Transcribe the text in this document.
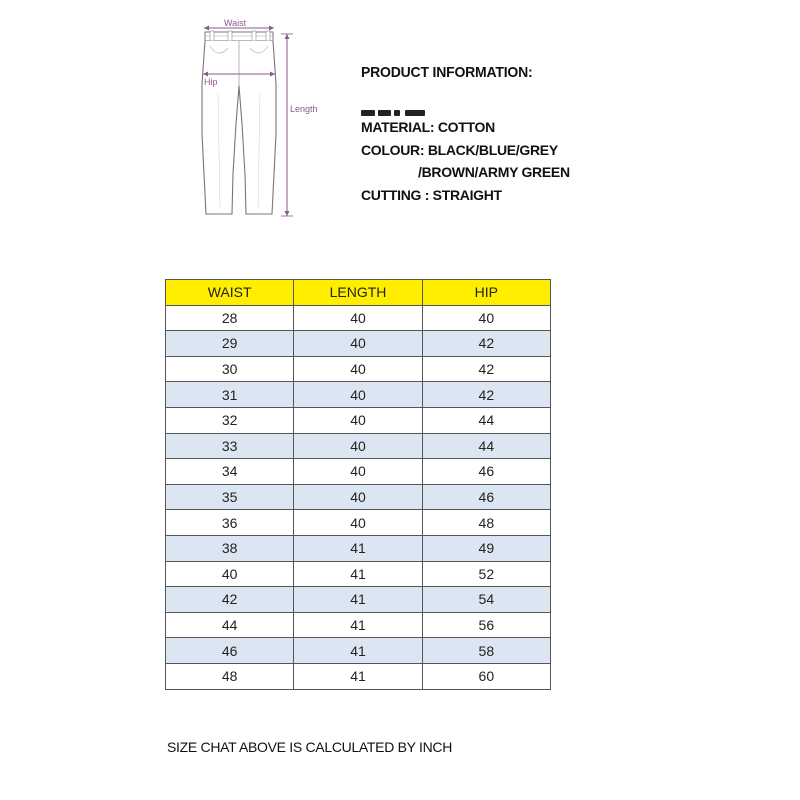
Waist
Hip
Length
PRODUCT INFORMATION:
MATERIAL: COTTON
COLOUR: BLACK/BLUE/GREY
/BROWN/ARMY GREEN
CUTTING : STRAIGHT
WAIST	LENGTH	HIP
28	40	40
29	40	42
30	40	42
31	40	42
32	40	44
33	40	44
34	40	46
35	40	46
36	40	48
38	41	49
40	41	52
42	41	54
44	41	56
46	41	58
48	41	60
SIZE CHAT ABOVE IS CALCULATED BY INCH
